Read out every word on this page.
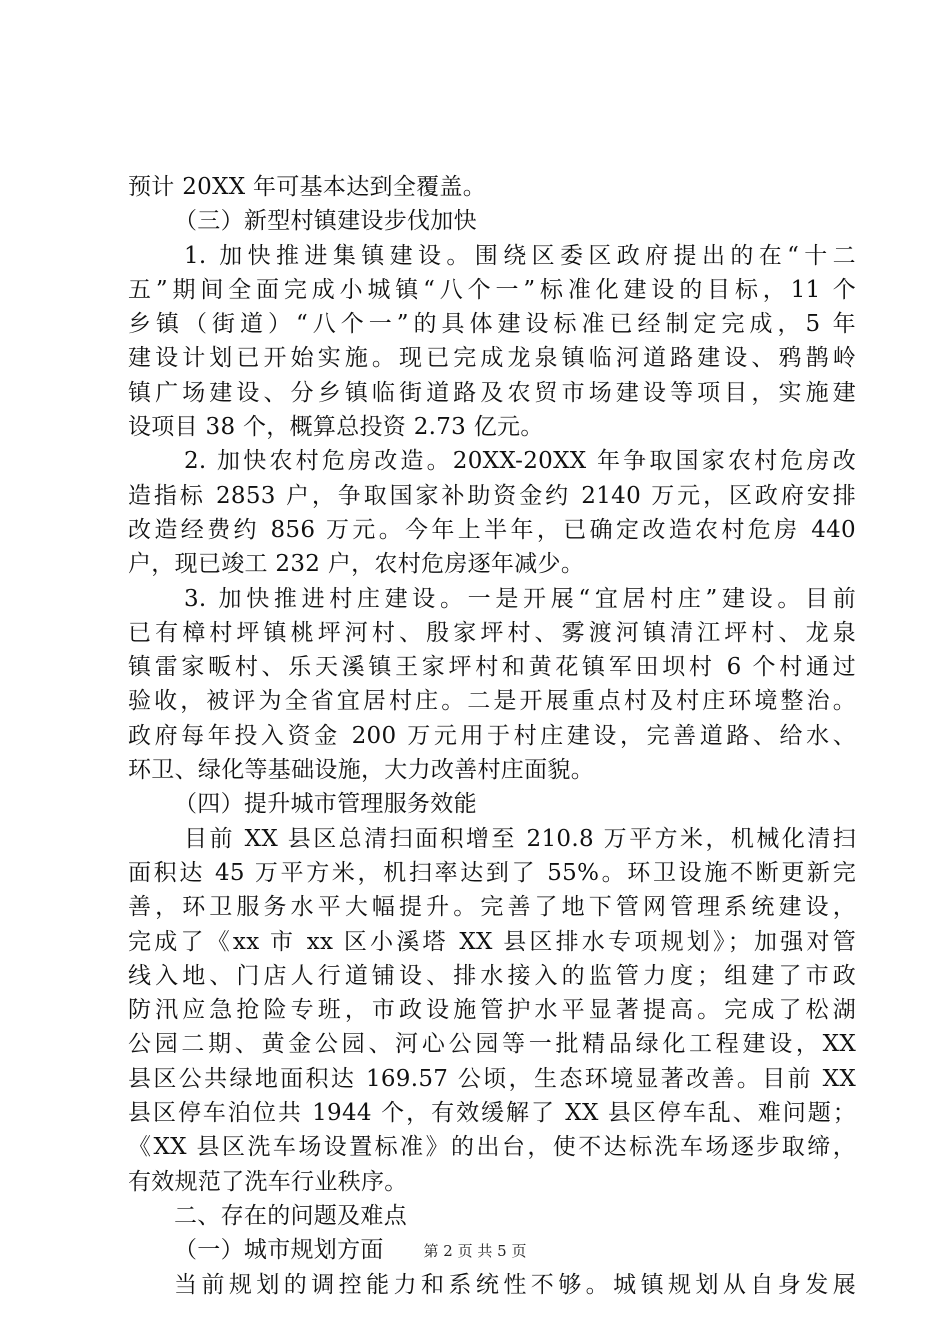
预计 20XX 年可基本达到全覆盖。
（三）新型村镇建设步伐加快
1. 加快推进集镇建设。围绕区委区政府提出的在“十二
五”期间全面完成小城镇“八个一”标准化建设的目标，11 个
乡镇（街道）“八个一”的具体建设标准已经制定完成，5 年
建设计划已开始实施。现已完成龙泉镇临河道路建设、鸦鹊岭
镇广场建设、分乡镇临街道路及农贸市场建设等项目，实施建
设项目 38 个，概算总投资 2.73 亿元。
2. 加快农村危房改造。20XX-20XX 年争取国家农村危房改
造指标 2853 户，争取国家补助资金约 2140 万元，区政府安排
改造经费约 856 万元。今年上半年，已确定改造农村危房 440
户，现已竣工 232 户，农村危房逐年减少。
3. 加快推进村庄建设。一是开展“宜居村庄”建设。目前
已有樟村坪镇桃坪河村、殷家坪村、雾渡河镇清江坪村、龙泉
镇雷家畈村、乐天溪镇王家坪村和黄花镇军田坝村 6 个村通过
验收，被评为全省宜居村庄。二是开展重点村及村庄环境整治。
政府每年投入资金 200 万元用于村庄建设，完善道路、给水、
环卫、绿化等基础设施，大力改善村庄面貌。
（四）提升城市管理服务效能
目前 XX 县区总清扫面积增至 210.8 万平方米，机械化清扫
面积达 45 万平方米，机扫率达到了 55%。环卫设施不断更新完
善，环卫服务水平大幅提升。完善了地下管网管理系统建设，
完成了《xx 市 xx 区小溪塔 XX 县区排水专项规划》；加强对管
线入地、门店人行道铺设、排水接入的监管力度；组建了市政
防汛应急抢险专班，市政设施管护水平显著提高。完成了松湖
公园二期、黄金公园、河心公园等一批精品绿化工程建设，XX
县区公共绿地面积达 169.57 公顷，生态环境显著改善。目前 XX
县区停车泊位共 1944 个，有效缓解了 XX 县区停车乱、难问题；
《XX 县区洗车场设置标准》的出台，使不达标洗车场逐步取缔，
有效规范了洗车行业秩序。
二、存在的问题及难点
（一）城市规划方面
当前规划的调控能力和系统性不够。城镇规划从自身发展
第 2 页 共 5 页
